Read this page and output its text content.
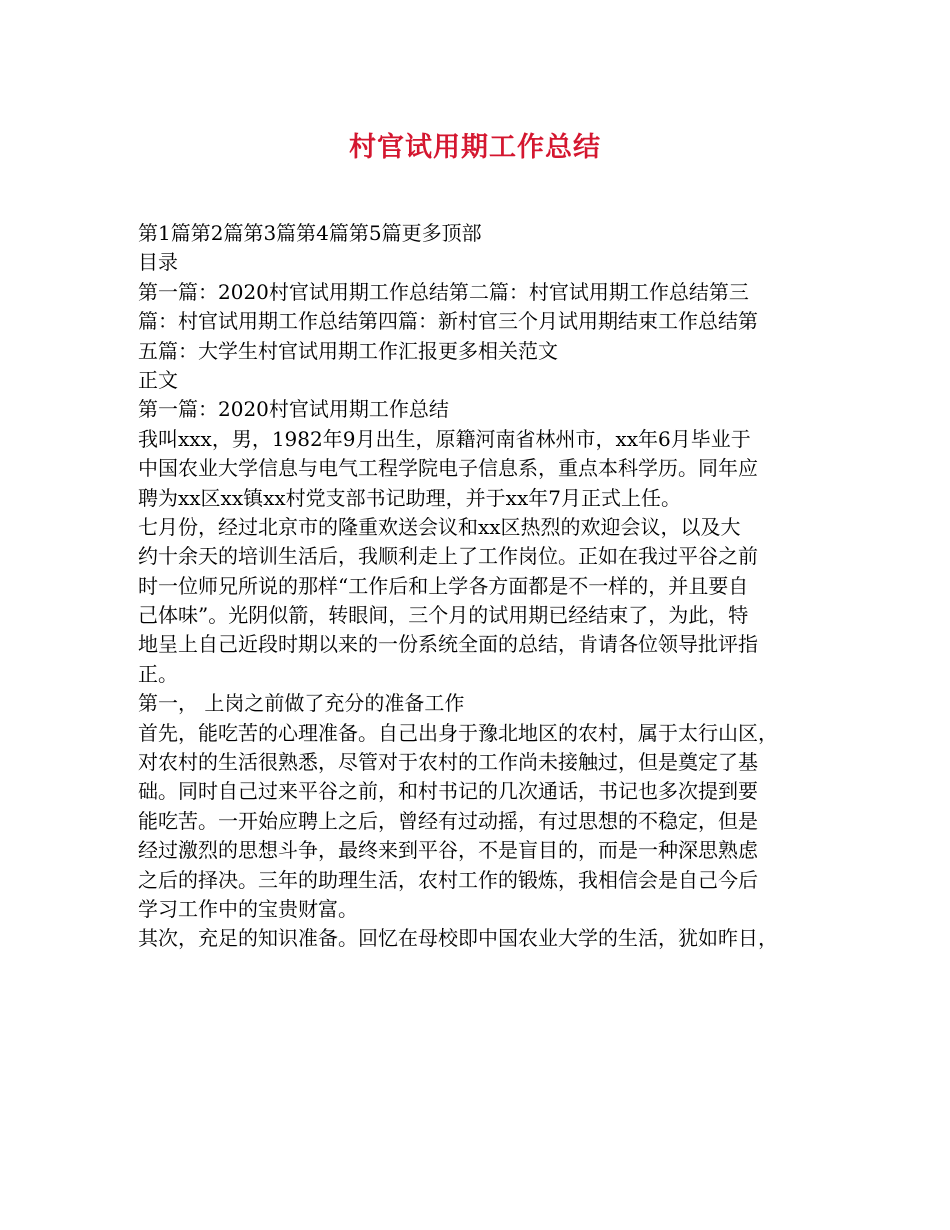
村官试用期工作总结
第1篇第2篇第3篇第4篇第5篇更多顶部
目录
第一篇：2020村官试用期工作总结第二篇：村官试用期工作总结第三
篇：村官试用期工作总结第四篇：新村官三个月试用期结束工作总结第
五篇：大学生村官试用期工作汇报更多相关范文
正文
第一篇：2020村官试用期工作总结
我叫xxx，男，1982年9月出生，原籍河南省林州市，xx年6月毕业于
中国农业大学信息与电气工程学院电子信息系，重点本科学历。同年应
聘为xx区xx镇xx村党支部书记助理，并于xx年7月正式上任。
七月份，经过北京市的隆重欢送会议和xx区热烈的欢迎会议，以及大
约十余天的培训生活后，我顺利走上了工作岗位。正如在我过平谷之前
时一位师兄所说的那样“工作后和上学各方面都是不一样的，并且要自
己体味”。光阴似箭，转眼间，三个月的试用期已经结束了，为此，特
地呈上自己近段时期以来的一份系统全面的总结，肯请各位领导批评指
正。
第一， 上岗之前做了充分的准备工作
首先，能吃苦的心理准备。自己出身于豫北地区的农村，属于太行山区，
对农村的生活很熟悉，尽管对于农村的工作尚未接触过，但是奠定了基
础。同时自己过来平谷之前，和村书记的几次通话，书记也多次提到要
能吃苦。一开始应聘上之后，曾经有过动摇，有过思想的不稳定，但是
经过激烈的思想斗争，最终来到平谷，不是盲目的，而是一种深思熟虑
之后的择决。三年的助理生活，农村工作的锻炼，我相信会是自己今后
学习工作中的宝贵财富。
其次，充足的知识准备。回忆在母校即中国农业大学的生活，犹如昨日，
